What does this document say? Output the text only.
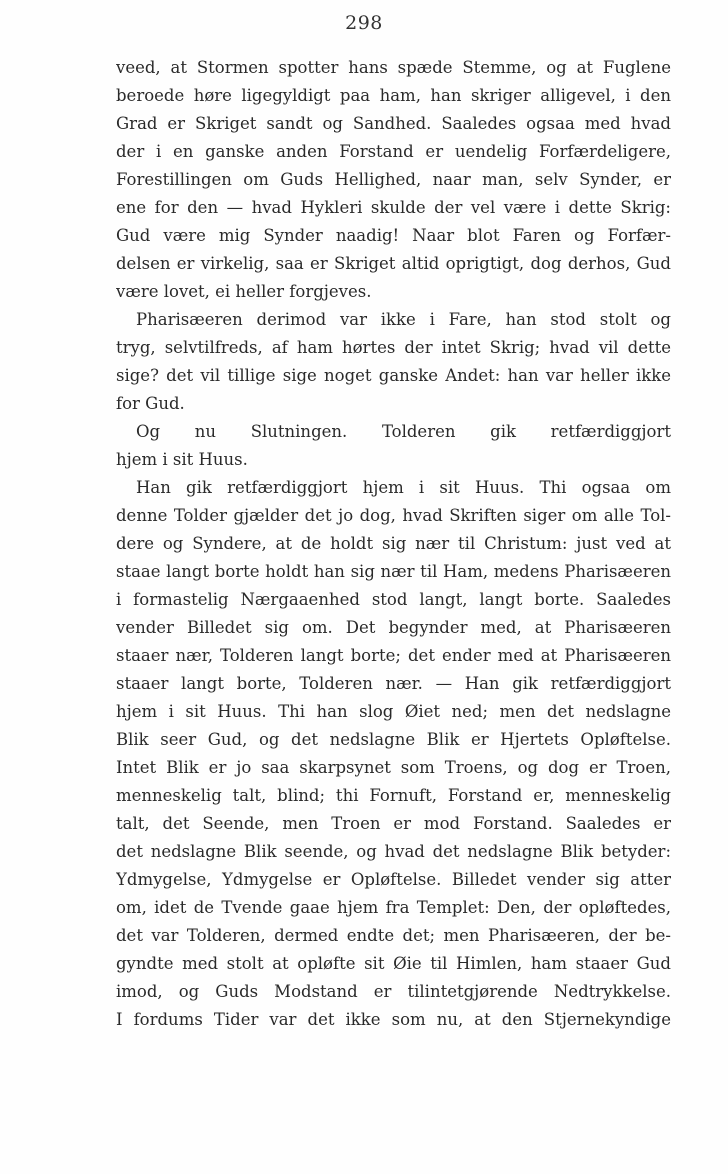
298
veed, at Stormen spotter hans spæde Stemme, og at Fuglene
beroede høre ligegyldigt paa ham, han skriger alligevel, i den
Grad er Skriget sandt og Sandhed. Saaledes ogsaa med hvad
der i en ganske anden Forstand er uendelig Forfærdeligere,
Forestillingen om Guds Hellighed, naar man, selv Synder, er
ene for den — hvad Hykleri skulde der vel være i dette Skrig:
Gud være mig Synder naadig! Naar blot Faren og Forfær-
delsen er virkelig, saa er Skriget altid oprigtigt, dog derhos, Gud
være lovet, ei heller forgjeves.
Pharisæeren derimod var ikke i Fare, han stod stolt og
tryg, selvtilfreds, af ham hørtes der intet Skrig; hvad vil dette
sige? det vil tillige sige noget ganske Andet: han var heller ikke
for Gud.
Og nu Slutningen. Tolderen gik retfærdiggjort
hjem i sit Huus.
Han gik retfærdiggjort hjem i sit Huus. Thi ogsaa om
denne Tolder gjælder det jo dog, hvad Skriften siger om alle Tol-
dere og Syndere, at de holdt sig nær til Christum: just ved at
staae langt borte holdt han sig nær til Ham, medens Pharisæeren
i formastelig Nærgaaenhed stod langt, langt borte. Saaledes
vender Billedet sig om. Det begynder med, at Pharisæeren
staaer nær, Tolderen langt borte; det ender med at Pharisæeren
staaer langt borte, Tolderen nær. — Han gik retfærdiggjort
hjem i sit Huus. Thi han slog Øiet ned; men det nedslagne
Blik seer Gud, og det nedslagne Blik er Hjertets Opløftelse.
Intet Blik er jo saa skarpsynet som Troens, og dog er Troen,
menneskelig talt, blind; thi Fornuft, Forstand er, menneskelig
talt, det Seende, men Troen er mod Forstand. Saaledes er
det nedslagne Blik seende, og hvad det nedslagne Blik betyder:
Ydmygelse, Ydmygelse er Opløftelse. Billedet vender sig atter
om, idet de Tvende gaae hjem fra Templet: Den, der opløftedes,
det var Tolderen, dermed endte det; men Pharisæeren, der be-
gyndte med stolt at opløfte sit Øie til Himlen, ham staaer Gud
imod, og Guds Modstand er tilintetgjørende Nedtrykkelse.
I fordums Tider var det ikke som nu, at den Stjernekyndige
